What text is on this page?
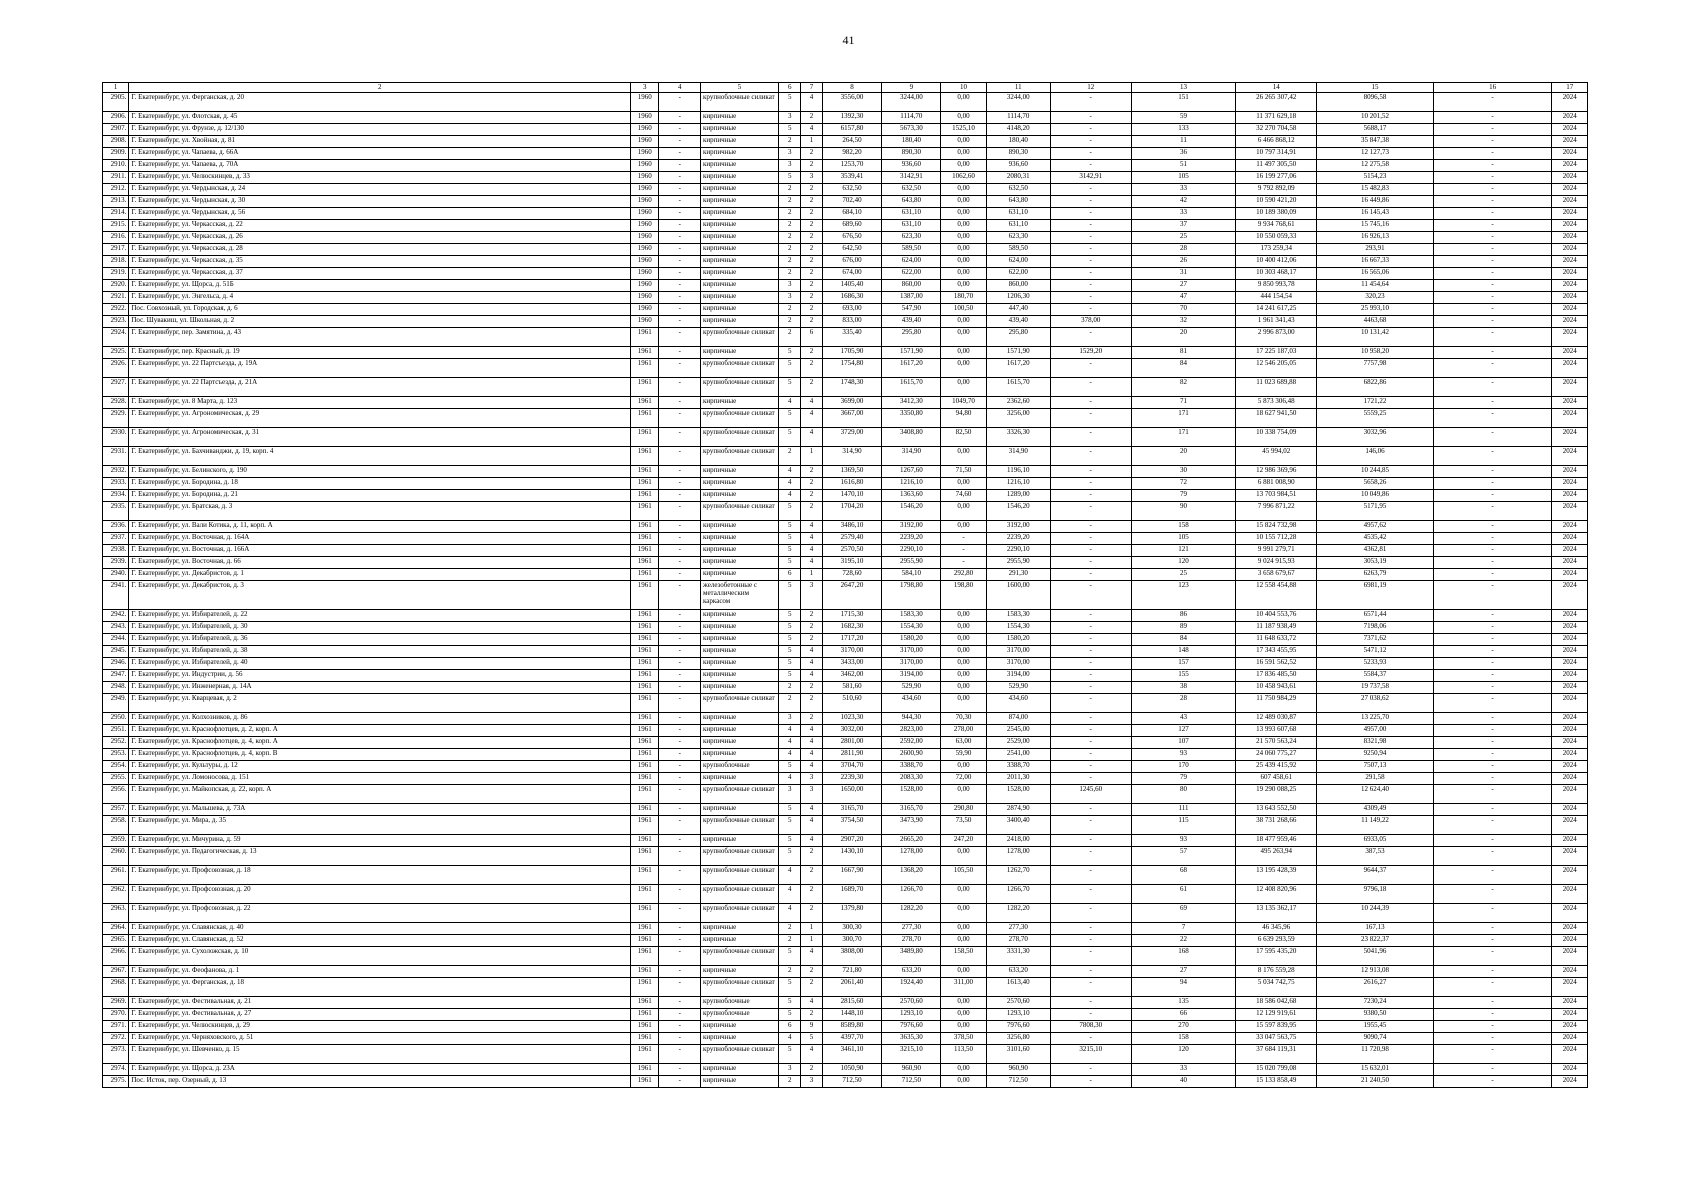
41
1	2	3	4	5	6	7	8	9	10	11	12	13	14	15	16	17
2905.	Г. Екатеринбург, ул. Ферганская, д. 20	1960	-	крупноблочные силикат	5	4	3556,00	3244,00	0,00	3244,00	-	151	26 265 307,42	8096,58	-	2024
2906.	Г. Екатеринбург, ул. Флотская, д. 45	1960	-	кирпичные	3	2	1392,30	1114,70	0,00	1114,70	-	59	11 371 629,18	10 201,52	-	2024
2907.	Г. Екатеринбург, ул. Фрунзе, д. 12/130	1960	-	кирпичные	5	4	6157,80	5673,30	1525,10	4148,20	-	133	32 270 704,58	5688,17	-	2024
2908.	Г. Екатеринбург, ул. Хвойная, д. 81	1960	-	кирпичные	2	1	264,50	180,40	0,00	180,40	-	11	6 466 868,12	35 847,38	-	2024
2909.	Г. Екатеринбург, ул. Чапаева, д. 66А	1960	-	кирпичные	3	2	982,20	890,30	0,00	890,30	-	36	10 797 314,91	12 127,73	-	2024
2910.	Г. Екатеринбург, ул. Чапаева, д. 70А	1960	-	кирпичные	3	2	1253,70	936,60	0,00	936,60	-	51	11 497 305,50	12 275,58	-	2024
2911.	Г. Екатеринбург, ул. Челюскинцев, д. 33	1960	-	кирпичные	5	3	3539,41	3142,91	1062,60	2080,31	3142,91	105	16 199 277,06	5154,23	-	2024
2912.	Г. Екатеринбург, ул. Чердынская, д. 24	1960	-	кирпичные	2	2	632,50	632,50	0,00	632,50	-	33	9 792 892,09	15 482,83	-	2024
2913.	Г. Екатеринбург, ул. Чердынская, д. 30	1960	-	кирпичные	2	2	702,40	643,80	0,00	643,80	-	42	10 590 421,20	16 449,86	-	2024
2914.	Г. Екатеринбург, ул. Чердынская, д. 56	1960	-	кирпичные	2	2	684,10	631,10	0,00	631,10	-	33	10 189 380,09	16 145,43	-	2024
2915.	Г. Екатеринбург, ул. Черкасская, д. 22	1960	-	кирпичные	2	2	689,60	631,10	0,00	631,10	-	37	9 934 768,61	15 745,16	-	2024
2916.	Г. Екатеринбург, ул. Черкасская, д. 26	1960	-	кирпичные	2	2	676,50	623,30	0,00	623,30	-	25	10 550 059,33	16 926,13	-	2024
2917.	Г. Екатеринбург, ул. Черкасская, д. 28	1960	-	кирпичные	2	2	642,50	589,50	0,00	589,50	-	28	173 259,34	293,91	-	2024
2918.	Г. Екатеринбург, ул. Черкасская, д. 35	1960	-	кирпичные	2	2	676,00	624,00	0,00	624,00	-	26	10 400 412,06	16 667,33	-	2024
2919.	Г. Екатеринбург, ул. Черкасская, д. 37	1960	-	кирпичные	2	2	674,00	622,00	0,00	622,00	-	31	10 303 468,17	16 565,06	-	2024
2920.	Г. Екатеринбург, ул. Щорса, д. 51Б	1960	-	кирпичные	3	2	1405,40	860,00	0,00	860,00	-	27	9 850 993,78	11 454,64	-	2024
2921.	Г. Екатеринбург, ул. Энгельса, д. 4	1960	-	кирпичные	3	2	1686,30	1387,00	180,70	1206,30	-	47	444 154,54	320,23	-	2024
2922.	Пос. Совхозный, ул. Городская, д. 6	1960	-	кирпичные	2	2	693,00	547,90	100,50	447,40	-	70	14 241 617,25	25 993,10	-	2024
2923.	Пос. Шувакиш, ул. Школьная, д. 2	1960	-	кирпичные	2	2	833,00	439,40	0,00	439,40	378,00	32	1 961 341,43	4463,68	-	2024
2924.	Г. Екатеринбург, пер. Замятина, д. 43	1961	-	крупноблочные силикат	2	6	335,40	295,80	0,00	295,80	-	20	2 996 873,00	10 131,42	-	2024
2925.	Г. Екатеринбург, пер. Красный, д. 19	1961	-	кирпичные	5	2	1705,90	1571,90	0,00	1571,90	1529,20	81	17 225 187,03	10 958,20	-	2024
2926.	Г. Екатеринбург, ул. 22 Партсъезда, д. 19А	1961	-	крупноблочные силикат	5	2	1754,80	1617,20	0,00	1617,20	-	84	12 546 205,05	7757,98	-	2024
2927.	Г. Екатеринбург, ул. 22 Партсъезда, д. 21А	1961	-	крупноблочные силикат	5	2	1748,30	1615,70	0,00	1615,70	-	82	11 023 689,88	6822,86	-	2024
2928.	Г. Екатеринбург, ул. 8 Марта, д. 123	1961	-	кирпичные	4	4	3699,00	3412,30	1049,70	2362,60	-	71	5 873 306,48	1721,22	-	2024
2929.	Г. Екатеринбург, ул. Агрономическая, д. 29	1961	-	крупноблочные силикат	5	4	3667,00	3350,80	94,80	3256,00	-	171	18 627 941,50	5559,25	-	2024
2930.	Г. Екатеринбург, ул. Агрономическая, д. 31	1961	-	крупноблочные силикат	5	4	3729,00	3408,80	82,50	3326,30	-	171	10 338 754,09	3032,96	-	2024
2931.	Г. Екатеринбург, ул. Бахчиванджи, д. 19, корп. 4	1961	-	крупноблочные силикат	2	1	314,90	314,90	0,00	314,90	-	20	45 994,02	146,06	-	2024
2932.	Г. Екатеринбург, ул. Белинского, д. 190	1961	-	кирпичные	4	2	1369,50	1267,60	71,50	1196,10	-	30	12 986 369,96	10 244,85	-	2024
2933.	Г. Екатеринбург, ул. Бородина, д. 18	1961	-	кирпичные	4	2	1616,80	1216,10	0,00	1216,10	-	72	6 881 008,90	5658,26	-	2024
2934.	Г. Екатеринбург, ул. Бородина, д. 21	1961	-	кирпичные	4	2	1470,10	1363,60	74,60	1289,00	-	79	13 703 984,51	10 049,86	-	2024
2935.	Г. Екатеринбург, ул. Братская, д. 3	1961	-	крупноблочные силикат	5	2	1704,20	1546,20	0,00	1546,20	-	90	7 996 871,22	5171,95	-	2024
2936.	Г. Екатеринбург, ул. Вали Котика, д. 11, корп. А	1961	-	кирпичные	5	4	3486,10	3192,00	0,00	3192,00	-	158	15 824 732,98	4957,62	-	2024
2937.	Г. Екатеринбург, ул. Восточная, д. 164А	1961	-	кирпичные	5	4	2579,40	2239,20	-	2239,20	-	105	10 155 712,28	4535,42	-	2024
2938.	Г. Екатеринбург, ул. Восточная, д. 166А	1961	-	кирпичные	5	4	2570,50	2290,10	-	2290,10	-	121	9 991 279,71	4362,81	-	2024
2939.	Г. Екатеринбург, ул. Восточная, д. 66	1961	-	кирпичные	5	4	3195,10	2955,90	-	2955,90	-	120	9 024 915,93	3053,19	-	2024
2940.	Г. Екатеринбург, ул. Декабристов, д. 1	1961	-	кирпичные	6	1	728,60	584,10	292,80	291,30	-	25	3 658 679,67	6263,79	-	2024
2941.	Г. Екатеринбург, ул. Декабристов, д. 3	1961	-	железобетонные с металлическим каркасом	5	3	2647,20	1798,80	198,80	1600,00	-	123	12 558 454,88	6981,19	-	2024
2942.	Г. Екатеринбург, ул. Избирателей, д. 22	1961	-	кирпичные	5	2	1715,30	1583,30	0,00	1583,30	-	86	10 404 553,76	6571,44	-	2024
2943.	Г. Екатеринбург, ул. Избирателей, д. 30	1961	-	кирпичные	5	2	1682,30	1554,30	0,00	1554,30	-	89	11 187 938,49	7198,06	-	2024
2944.	Г. Екатеринбург, ул. Избирателей, д. 36	1961	-	кирпичные	5	2	1717,20	1580,20	0,00	1580,20	-	84	11 648 633,72	7371,62	-	2024
2945.	Г. Екатеринбург, ул. Избирателей, д. 38	1961	-	кирпичные	5	4	3170,00	3170,00	0,00	3170,00	-	148	17 343 455,95	5471,12	-	2024
2946.	Г. Екатеринбург, ул. Избирателей, д. 40	1961	-	кирпичные	5	4	3433,00	3170,00	0,00	3170,00	-	157	16 591 562,52	5233,93	-	2024
2947.	Г. Екатеринбург, ул. Индустрии, д. 56	1961	-	кирпичные	5	4	3462,00	3194,00	0,00	3194,00	-	155	17 836 485,50	5584,37	-	2024
2948.	Г. Екатеринбург, ул. Инженерная, д. 14А	1961	-	кирпичные	2	2	581,60	529,90	0,00	529,90	-	38	10 458 943,61	19 737,58	-	2024
2949.	Г. Екатеринбург, ул. Кварцевая, д. 2	1961	-	крупноблочные силикат	2	2	510,60	434,60	0,00	434,60	-	28	11 750 984,29	27 038,62	-	2024
2950.	Г. Екатеринбург, ул. Колхозников, д. 86	1961	-	кирпичные	3	2	1023,30	944,30	70,30	874,00	-	43	12 489 030,87	13 225,70	-	2024
2951.	Г. Екатеринбург, ул. Краснофлотцев, д. 2, корп. А	1961	-	кирпичные	4	4	3032,00	2823,00	278,00	2545,00	-	127	13 993 607,68	4957,00	-	2024
2952.	Г. Екатеринбург, ул. Краснофлотцев, д. 4, корп. А	1961	-	кирпичные	4	4	2801,00	2592,00	63,00	2529,00	-	107	21 570 563,24	8321,98	-	2024
2953.	Г. Екатеринбург, ул. Краснофлотцев, д. 4, корп. В	1961	-	кирпичные	4	4	2811,90	2600,90	59,90	2541,00	-	93	24 060 775,27	9250,94	-	2024
2954.	Г. Екатеринбург, ул. Культуры, д. 12	1961	-	крупноблочные	5	4	3704,70	3388,70	0,00	3388,70	-	170	25 439 415,92	7507,13	-	2024
2955.	Г. Екатеринбург, ул. Ломоносова, д. 151	1961	-	кирпичные	4	3	2239,30	2083,30	72,00	2011,30	-	79	607 458,61	291,58	-	2024
2956.	Г. Екатеринбург, ул. Майкопская, д. 22, корп. А	1961	-	крупноблочные силикат	3	3	1650,00	1528,00	0,00	1528,00	1245,60	80	19 290 088,25	12 624,40	-	2024
2957.	Г. Екатеринбург, ул. Мальшева, д. 73А	1961	-	кирпичные	5	4	3165,70	3165,70	290,80	2874,90	-	111	13 643 552,50	4309,49	-	2024
2958.	Г. Екатеринбург, ул. Мира, д. 35	1961	-	крупноблочные силикат	5	4	3754,50	3473,90	73,50	3400,40	-	115	38 731 268,66	11 149,22	-	2024
2959.	Г. Екатеринбург, ул. Мичурина, д. 59	1961	-	кирпичные	5	4	2907,20	2665,20	247,20	2418,00	-	93	18 477 959,46	6933,05	-	2024
2960.	Г. Екатеринбург, ул. Педагогическая, д. 13	1961	-	крупноблочные силикат	5	2	1430,10	1278,00	0,00	1278,00	-	57	495 263,94	387,53	-	2024
2961.	Г. Екатеринбург, ул. Профсоюзная, д. 18	1961	-	крупноблочные силикат	4	2	1667,90	1368,20	105,50	1262,70	-	68	13 195 428,39	9644,37	-	2024
2962.	Г. Екатеринбург, ул. Профсоюзная, д. 20	1961	-	крупноблочные силикат	4	2	1689,70	1266,70	0,00	1266,70	-	61	12 408 820,96	9796,18	-	2024
2963.	Г. Екатеринбург, ул. Профсоюзная, д. 22	1961	-	крупноблочные силикат	4	2	1379,80	1282,20	0,00	1282,20	-	69	13 135 362,17	10 244,39	-	2024
2964.	Г. Екатеринбург, ул. Славянская, д. 40	1961	-	кирпичные	2	1	300,30	277,30	0,00	277,30	-	7	46 345,96	167,13	-	2024
2965.	Г. Екатеринбург, ул. Славянская, д. 52	1961	-	кирпичные	2	1	300,70	278,70	0,00	278,70	-	22	6 639 293,59	23 822,37	-	2024
2966.	Г. Екатеринбург, ул. Сухоложская, д. 10	1961	-	крупноблочные силикат	5	4	3808,00	3489,80	158,50	3331,30	-	168	17 595 435,20	5041,96	-	2024
2967.	Г. Екатеринбург, ул. Феофанова, д. 1	1961	-	кирпичные	2	2	721,80	633,20	0,00	633,20	-	27	8 176 559,28	12 913,08	-	2024
2968.	Г. Екатеринбург, ул. Ферганская, д. 18	1961	-	крупноблочные силикат	5	2	2061,40	1924,40	311,00	1613,40	-	94	5 034 742,75	2616,27	-	2024
2969.	Г. Екатеринбург, ул. Фестивальная, д. 21	1961	-	крупноблочные	5	4	2815,60	2570,60	0,00	2570,60	-	135	18 586 042,68	7230,24	-	2024
2970.	Г. Екатеринбург, ул. Фестивальная, д. 27	1961	-	крупноблочные	5	2	1448,10	1293,10	0,00	1293,10	-	66	12 129 919,61	9380,50	-	2024
2971.	Г. Екатеринбург, ул. Челюскинцев, д. 29	1961	-	кирпичные	6	9	8589,80	7976,60	0,00	7976,60	7808,30	270	15 597 839,95	1955,45	-	2024
2972.	Г. Екатеринбург, ул. Черняховского, д. 51	1961	-	кирпичные	4	5	4397,70	3635,30	378,50	3256,80	-	158	33 047 563,75	9090,74	-	2024
2973.	Г. Екатеринбург, ул. Шевченко, д. 15	1961	-	крупноблочные силикат	5	4	3461,10	3215,10	113,50	3101,60	3215,10	120	37 684 119,31	11 720,98	-	2024
2974.	Г. Екатеринбург, ул. Щорса, д. 23А	1961	-	кирпичные	3	2	1050,90	960,90	0,00	960,90	-	33	15 020 799,08	15 632,01	-	2024
2975.	Пос. Исток, пер. Озерный, д. 13	1961	-	кирпичные	2	3	712,50	712,50	0,00	712,50	-	40	15 133 858,49	21 240,50	-	2024
